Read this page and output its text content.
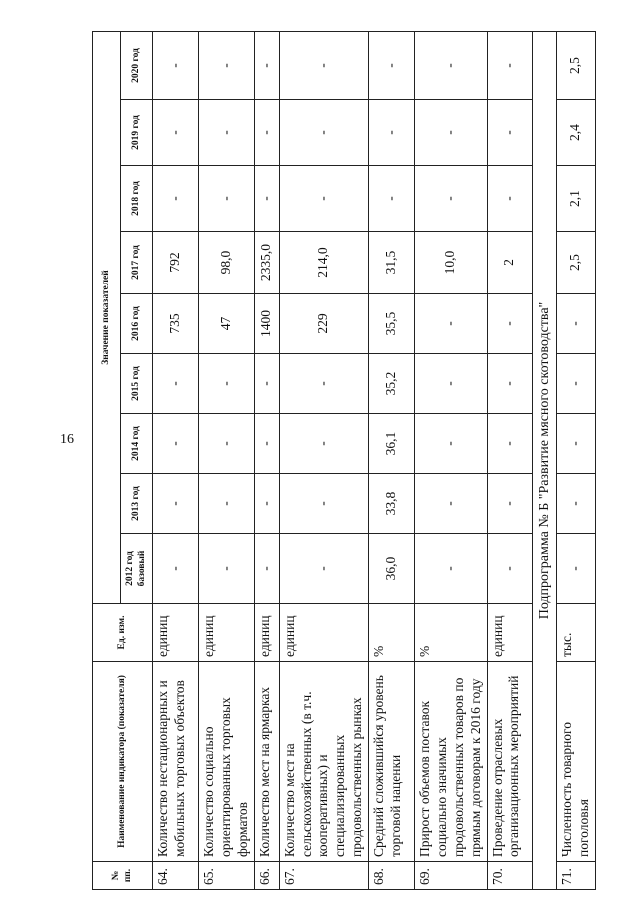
16
№ пп.	Наименование индикатора (показателя)	Ед. изм.	Значение показателей								
			2012 год базовый	2013 год	2014 год	2015 год	2016 год	2017 год	2018 год	2019 год	2020 год
64.	Количество нестационарных и мобильных торговых объектов	единиц	-	-	-	-	735	792	-	-	-
65.	Количество социально ориентированных торговых форматов	единиц	-	-	-	-	47	98,0	-	-	-
66.	Количество мест на ярмарках	единиц	-	-	-	-	1400	2335,0	-	-	-
67.	Количество мест на сельскохозяйственных (в т.ч. кооперативных) и специализированных продовольственных рынках	единиц	-	-	-	-	229	214,0	-	-	-
68.	Средний сложившийся уровень торговой наценки	%	36,0	33,8	36,1	35,2	35,5	31,5	-	-	-
69.	Прирост объемов поставок социально значимых продовольственных товаров по прямым договорам к 2016 году	%	-	-	-	-	-	10,0	-	-	-
70.	Проведение отраслевых организационных мероприятий	единиц	-	-	-	-	-	2	-	-	-
Подпрограмма № Б "Развитие мясного скотоводства"											
71.	Численность товарного поголовья	тыс.	-	-	-	-	-	2,5	2,1	2,4	2,5
